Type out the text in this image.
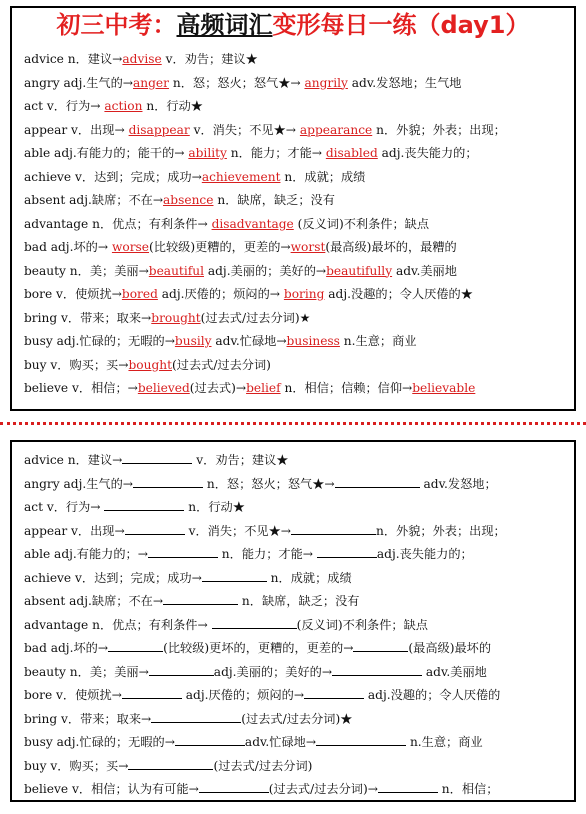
初三中考：高频词汇变形每日一练（day1）
advice n．建议→advise v．劝告；建议★
angry adj.生气的→anger n．怒；怒火；怒气★→ angrily adv.发怒地；生气地
act v．行为→ action n．行动★
appear v．出现→ disappear v．消失；不见★→ appearance n．外貌；外表；出现；
able adj.有能力的；能干的→ ability n．能力；才能→ disabled adj.丧失能力的；
achieve v．达到；完成；成功→achievement n．成就；成绩
absent adj.缺席；不在→absence n．缺席，缺乏；没有
advantage n．优点；有利条件→ disadvantage (反义词)不利条件；缺点
bad adj.坏的→ worse(比较级)更糟的，更差的→worst(最高级)最坏的，最糟的
beauty n．美；美丽→beautiful adj.美丽的；美好的→beautifully adv.美丽地
bore v．使烦扰→bored adj.厌倦的；烦闷的→ boring adj.没趣的；令人厌倦的★
bring v．带来；取来→brought(过去式/过去分词)★
busy adj.忙碌的；无暇的→busily adv.忙碌地→business n.生意；商业
buy v．购买；买→bought(过去式/过去分词)
believe v．相信；→believed(过去式)→belief n．相信；信赖；信仰→believable
advice n．建议→	v．劝告；建议★
angry adj.生气的→	n．怒；怒火；怒气★→	adv.发怒地；
act v．行为→	n．行动★
appear v．出现→	v．消失；不见★→	n．外貌；外表；出现；
able adj.有能力的；→	n．能力；才能→	adj.丧失能力的；
achieve v．达到；完成；成功→	n．成就；成绩
absent adj.缺席；不在→	n．缺席，缺乏；没有
advantage n．优点；有利条件→	(反义词)不利条件；缺点
bad adj.坏的→	(比较级)更坏的，更糟的，更差的→	(最高级)最坏的
beauty n．美；美丽→	adj.美丽的；美好的→	adv.美丽地
bore v．使烦扰→	adj.厌倦的；烦闷的→	adj.没趣的；令人厌倦的
bring v．带来；取来→	(过去式/过去分词)★
busy adj.忙碌的；无暇的→	adv.忙碌地→	n.生意；商业
buy v．购买；买→	(过去式/过去分词)
believe v．相信；认为有可能→	(过去式/过去分词)→	n．相信；
